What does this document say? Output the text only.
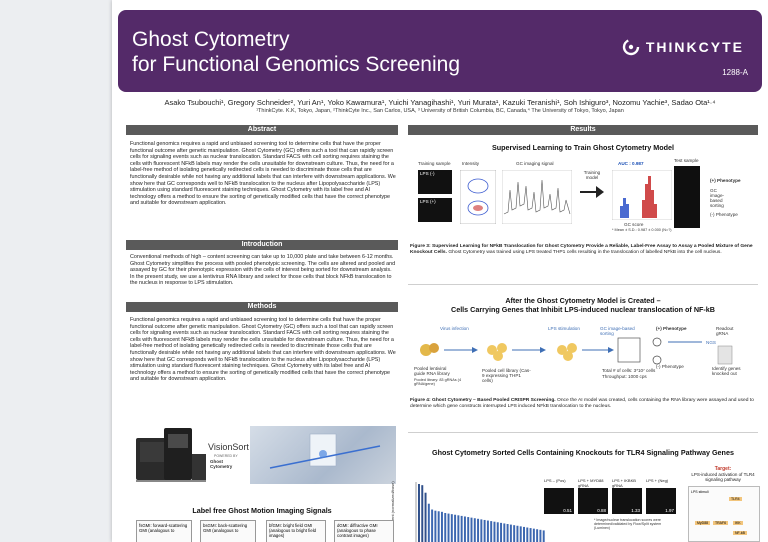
Ghost Cytometry
for Functional Genomics Screening
THINKCYTE
1288-A
Asako Tsubouchi¹, Gregory Schneider², Yuri An¹, Yoko Kawamura¹, Yuichi Yanagihashi¹, Yuri Murata¹, Kazuki Teranishi¹, Soh Ishiguro³, Nozomu Yachie³, Sadao Ota¹·⁴
¹ThinkCyte. K.K, Tokyo, Japan, ²ThinkCyte Inc., San Carlos, USA, ³ University of British Columbia, BC, Canada,⁴ The University of Tokyo, Tokyo, Japan
Abstract

Functional genomics requires a rapid and unbiased screening tool to determine cells that have the proper functional outcome after genetic manipulation. Ghost Cytometry (GC) offers such a tool that can rapidly screen cells for signaling events such as nuclear translocation. Standard FACS with cell sorting requires staining the cells with fluorescent NFkB labels may render the cells unsuitable for downstream culture. Thus, the need for a label-free method of isolating genetically redirected cells is needed to discriminate those cells that are functionally desirable while not having any additional labels that can interfere with downstream applications. We show here that GC corresponds well to NFkB translocation to the nucleus after Lipopolysaccharide (LPS) stimulation using standard fluorescent staining techniques. Ghost Cytometry with its label free and AI technology offers a method to ensure the sorting of genetically modified cells that have the correct phenotype and suitable for downstream application.

Introduction

Conventional methods of high – content screening can take up to 10,000 plate and take between 6-12 months. Ghost Cytometry simplifies the process with pooled phenotypic screening. The cells are altered and pooled and assayed by GC for their phenotypic expression with the cells of interest being sorted for downstream analysis. In the present study, we use a lentivirus RNA library and select for those cells that block NFkB translocation to the nucleus in response to LPS stimulation.

Methods

Functional genomics requires a rapid and unbiased screening tool to determine cells that have the proper functional outcome after genetic manipulation. Ghost Cytometry (GC) offers such a tool that can rapidly screen cells for signaling events such as nuclear translocation. Standard FACS with cell sorting requires staining the cells with fluorescent NFkB labels may render the cells unsuitable for downstream culture. Thus, the need for a label-free method of isolating genetically redirected cells is needed to discriminate those cells that are functionally desirable while not having any additional labels that can interfere with downstream applications. We show here that GC corresponds well to NFkB translocation to the nucleus after Lipopolysaccharide (LPS) stimulation using standard fluorescent staining techniques. Ghost Cytometry with its label free and AI technology offers a method to ensure the sorting of genetically modified cells that have the correct phenotype and suitable for downstream application.

VisionSort
POWERED BY
Ghost Cytometry
Label free Ghost Motion Imaging Signals
fsGMI: forward-scattering GMI (analogous to
bsGMI: back-scattering GMI (analogous to
bfGMI: bright field GMI (analogous to bright field images)
dGMI: diffractive GMI (analogous to phase contrast images)
Results
Supervised Learning to Train Ghost Cytometry Model
Training sample
LPS (-)
LPS (+)
Intensity	GC imaging signal
Training model
AUC : 0.987
GC score
* Mean ± S.D.: 0.987 ± 0.000 (N=?)
Test sample
(+) Phenotype
GC image-based sorting
(-) Phenotype

Figure 3: Supervised Learning for NFkB Translocation for Ghost Cytometry Provide a Reliable, Label-Free Assay to Assay a Pooled Mixture of Gene Knockout Cells. Ghost Cytometry was trained using LPS treated THP1 cells resulting in the translocation of labelled NFkB into the cell nucleus.

After the Ghost Cytometry Model is Created –
Cells Carrying Genes that Inhibit LPS-induced nuclear translocation of NF-kB
Virus infection	LPS stimulation	GC image-based sorting
(+) Phenotype	Readout gRNA
NGS
(-) Phenotype
Pooled lentiviral guide RNA library
Pooled library: 83 gRNAs (4 gRNA/gene)
Pooled cell library (Cas-9 expressing THP1 cells)
Total # of cells: 3*10⁷ cells
Throughput: 1000 cps
Identify genes knocked out

Figure 4: Ghost Cytometry – Based Pooled CRISPR Screening. Once the AI model was created, cells containing the RNA library were assayed and used to determine which gene constructs interrupted LPS induced NFkB translocation to the nucleus.

Ghost Cytometry Sorted Cells Containing Knockouts for TLR4 Signaling Pathway Genes
ent (normalized/base)
LPS – (Pos)
0.51
LPS + MYD88 gRNA
0.88
LPS + IKBKB gRNA
1.33
LPS + (Neg)
1.97
* Image/nuclear translocation scores were determined/validated by Flow/Split system (Luminex)
Target:
LPS-induced activation of TLR4 signaling pathway
LPS stimuli
TLR4
MyD88	TRAF6	IKK
NF-kB
